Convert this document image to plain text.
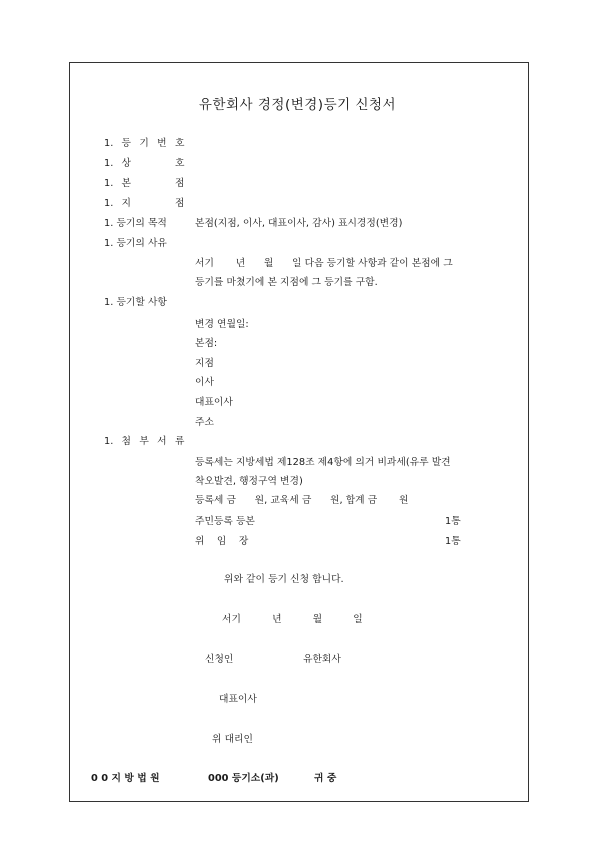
유한회사 경정(변경)등기 신청서
1. 등 기 번 호
1. 상	호
1. 본	점
1. 지	점
1. 등기의 목적	본점(지점, 이사, 대표이사, 감사) 표시경정(변경)
1. 등기의 사유
서기       년      월      일 다음 등기할 사항과 같이 본점에 그
등기를 마쳤기에 본 지점에 그 등기를 구함.
1. 등기할 사항
변경 연월일:
본점:
지점
이사
대표이사
주소
1. 첨 부 서 류
등록세는 지방세법 제128조 제4항에 의거 비과세(유루 발견
착오발견, 행정구역 변경)
등록세 금      원, 교육세 금      원, 합계 금       원
주민등록 등본	1통
위    임    장	1통
위와 같이 등기 신청 합니다.
서기          년          월          일
신청인	유한회사
대표이사
위 대리인
0 0 지 방 법 원	000 등기소(과)	귀 중
